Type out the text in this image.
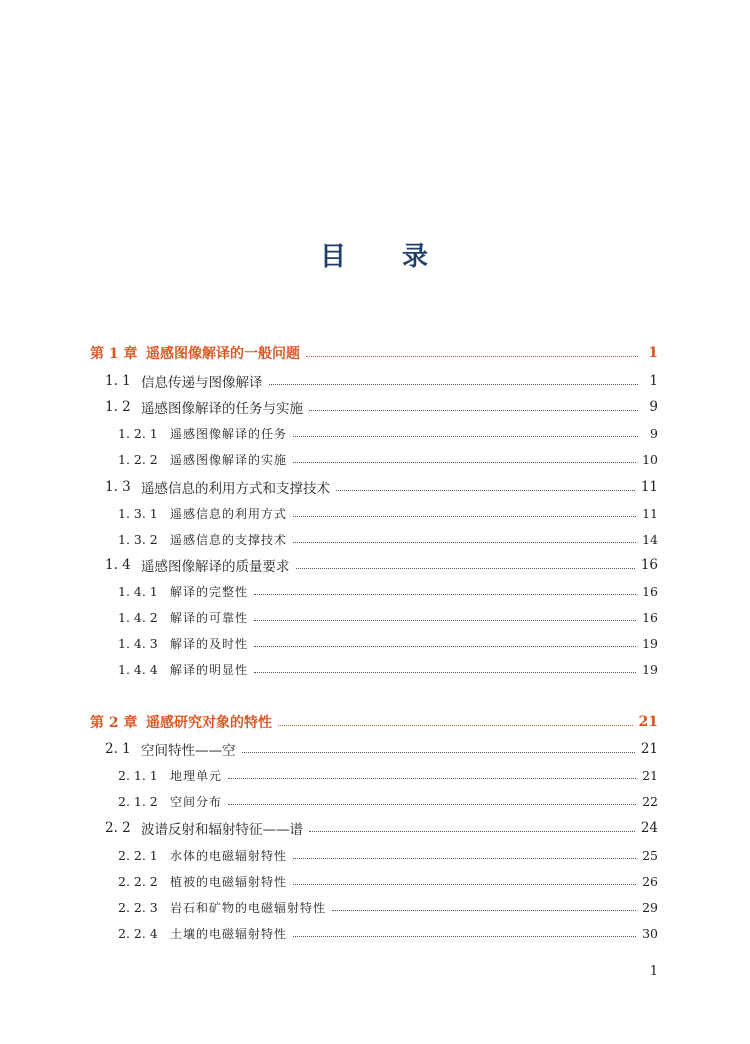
目 录
第 1 章 遥感图像解译的一般问题	1
1. 1 信息传递与图像解译	1
1. 2 遥感图像解译的任务与实施	9
1. 2. 1	遥感图像解译的任务	9
1. 2. 2	遥感图像解译的实施	10
1. 3 遥感信息的利用方式和支撑技术	11
1. 3. 1	遥感信息的利用方式	11
1. 3. 2	遥感信息的支撑技术	14
1. 4 遥感图像解译的质量要求	16
1. 4. 1	解译的完整性	16
1. 4. 2	解译的可靠性	16
1. 4. 3	解译的及时性	19
1. 4. 4	解译的明显性	19
第 2 章 遥感研究对象的特性	21
2. 1 空间特性——空	21
2. 1. 1	地理单元	21
2. 1. 2	空间分布	22
2. 2 波谱反射和辐射特征——谱	24
2. 2. 1	水体的电磁辐射特性	25
2. 2. 2	植被的电磁辐射特性	26
2. 2. 3	岩石和矿物的电磁辐射特性	29
2. 2. 4	土壤的电磁辐射特性	30
1
